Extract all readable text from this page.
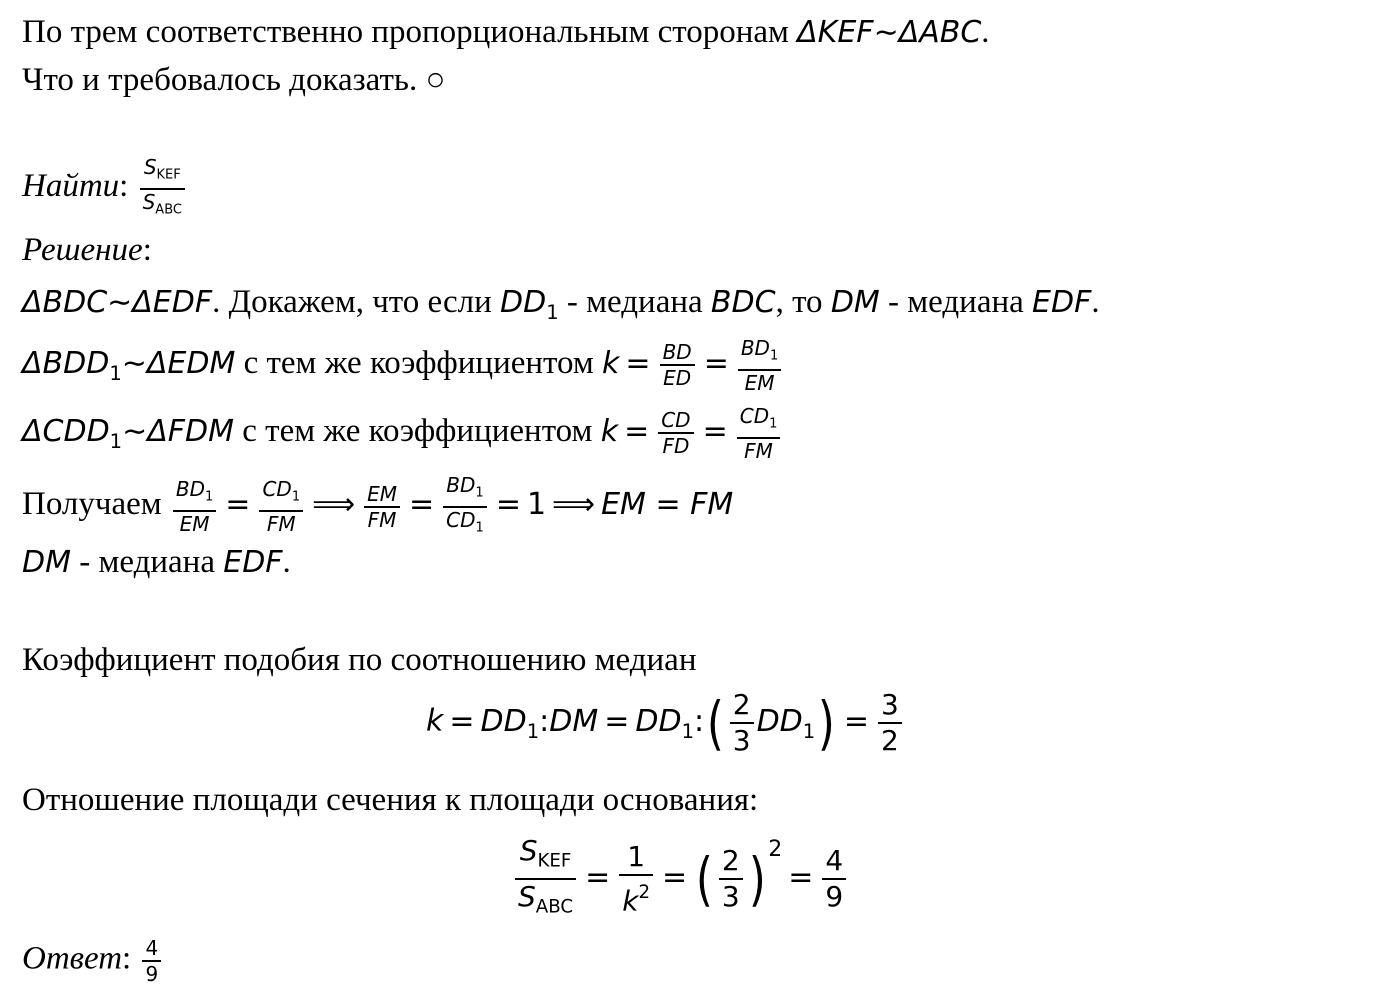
По трем соответственно пропорциональным сторонам ΔKEF∼ΔABC.
Что и требовалось доказать. ○
Найти: $\frac{S_{KEF}}{S_{ABC}}$
Решение:
ΔBDC∼ΔEDF. Докажем, что если $DD_1$ - медиана BDC, то DM - медиана EDF.
$\Delta BDD_1\sim\Delta EDM$ с тем же коэффициентом $k = \frac{BD}{ED} = \frac{BD_1}{EM}$
$\Delta CDD_1\sim\Delta FDM$ с тем же коэффициентом $k = \frac{CD}{FD} = \frac{CD_1}{FM}$
Получаем $\frac{BD_1}{EM} = \frac{CD_1}{FM}$ ⟹ $\frac{EM}{FM} = \frac{BD_1}{CD_1} = 1$ ⟹ EM = FM
DM - медиана EDF.
Коэффициент подобия по соотношению медиан
$k = DD_1:DM$ = $DD_1:( \frac{2}{3} DD_1) = \frac{3}{2}$
Отношение площади сечения к площади основания:
$\frac{S_{KEF}}{S_{ABC}} = \frac{1}{k^2}$ = ( $\frac{2}{3}$ ) $^2= \frac{4}{9}$
Ответ: $\frac{4}{9}$
